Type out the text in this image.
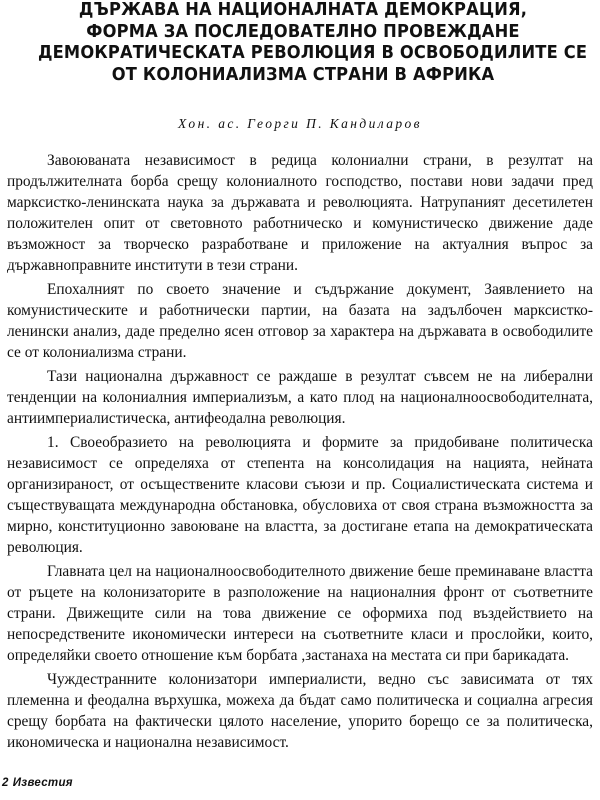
ДЪРЖАВА НА НАЦИОНАЛНАТА ДЕМОКРАЦИЯ,
ФОРМА ЗА ПОСЛЕДОВАТЕЛНО ПРОВЕЖДАНЕ
ДЕМОКРАТИЧЕСКАТА РЕВОЛЮЦИЯ В ОСВОБОДИЛИТЕ СЕ
ОТ КОЛОНИАЛИЗМА СТРАНИ В АФРИКА
Хон. ас. Георги П. Кандиларов

Завоюваната независимост в редица колониални страни, в резултат на продължителната борба срещу колониалното господство, постави нови задачи пред марксистко-ленинската наука за държавата и революцията. Натрупаният десетилетен положителен опит от световното работническо и комунистическо движение даде възможност за творческо разработване и приложение на актуалния въпрос за държавноправните институти в тези страни.

Епохалният по своето значение и съдържание документ, Заявлението на комунистическите и работнически партии, на базата на задълбочен марксистко-ленински анализ, даде пределно ясен отговор за характера на държавата в освободилите се от колониализма страни.

Тази национална държавност се раждаше в резултат съвсем не на либерални тенденции на колониалния империализъм, а като плод на националноосвободителната, антиимпериалистическа, антифеодална революция.

1. Своеобразието на революцията и формите за придобиване политическа независимост се определяха от степента на консолидация на нацията, нейната организираност, от осъществените класови съюзи и пр. Социалистическата система и съществуващата международна обстановка, обусловиха от своя страна възможността за мирно, конституционно завоюване на властта, за достигане етапа на демократическата революция.

Главната цел на националноосвободителното движение беше преминаване властта от ръцете на колонизаторите в разположение на националния фронт от съответните страни. Движещите сили на това движение се оформиха под въздействието на непосредствените икономически интереси на съответните класи и прослойки, които, определяйки своето отношение към борбата ,застанаха на местата си при барикадата.

Чуждестранните колонизатори империалисти, ведно със зависимата от тях племенна и феодална върхушка, можеха да бъдат само политическа и социална агресия срещу борбата на фактически цялото население, упорито борещо се за политическа, икономическа и национална независимост.

2 Известия
